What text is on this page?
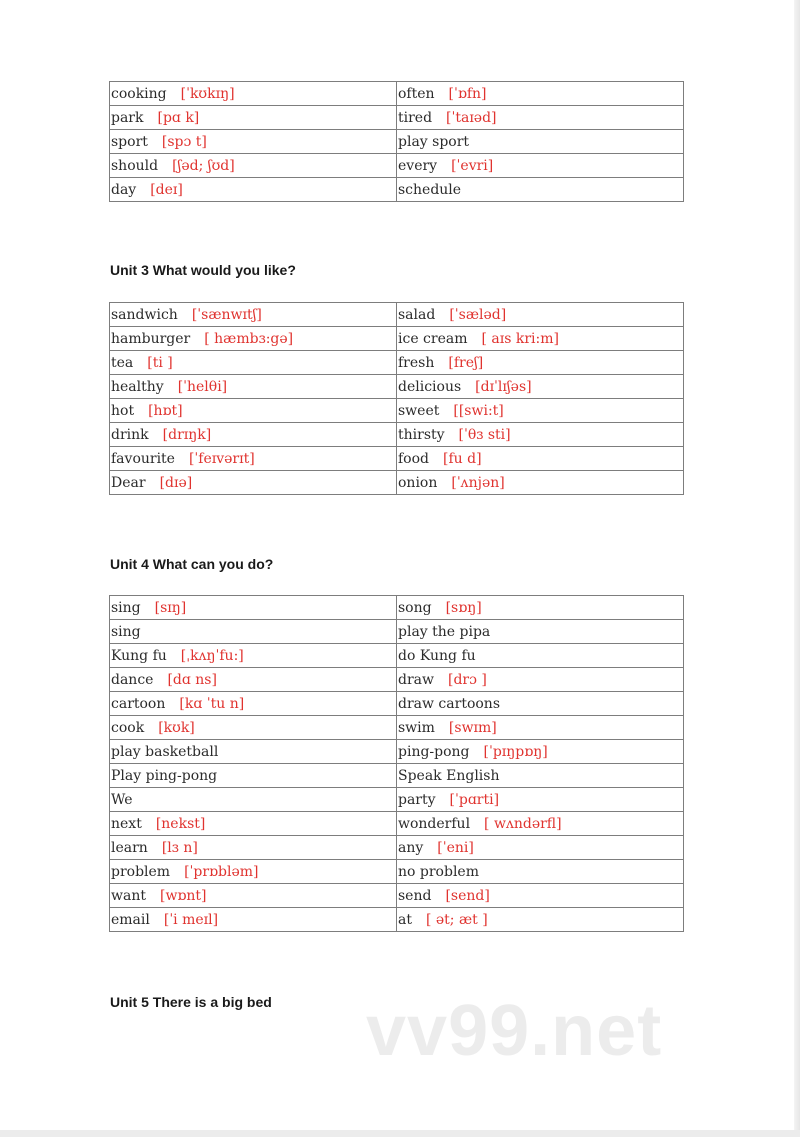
cooking [ˈkʊkɪŋ]	often [ˈɒfn]
park [pɑ k]	tired [ˈtaɪəd]
sport [spɔ t]	play sport
should [ʃəd; ʃʊd]	every [ˈevri]
day [deɪ]	schedule
Unit 3 What would you like?
sandwich [ˈsænwɪtʃ]	salad [ˈsæləd]
hamburger [ hæmbɜ:gə]	ice cream [ aɪs kri:m]
tea [ti ]	fresh [freʃ]
healthy [ˈhelθi]	delicious [dɪˈlɪʃəs]
hot [hɒt]	sweet [[swi:t]
drink [drɪŋk]	thirsty [ˈθɜ sti]
favourite [ˈfeɪvərɪt]	food [fu d]
Dear [dɪə]	onion [ˈʌnjən]
Unit 4 What can you do?
sing [sɪŋ]	song [sɒŋ]
sing	play the pipa
Kung fu [ˌkʌŋˈfu:]	do Kung fu
dance [dɑ ns]	draw [drɔ ]
cartoon [kɑ ˈtu n]	draw cartoons
cook [kʊk]	swim [swɪm]
play basketball	ping-pong [ˈpɪŋpɒŋ]
Play ping-pong	Speak English
We	party [ˈpɑrti]
next [nekst]	wonderful [ wʌndərfl]
learn [lɜ n]	any [ˈeni]
problem [ˈprɒbləm]	no problem
want [wɒnt]	send [send]
email [ˈi meɪl]	at [ ət; æt ]
Unit 5 There is a big bed vv99.net
